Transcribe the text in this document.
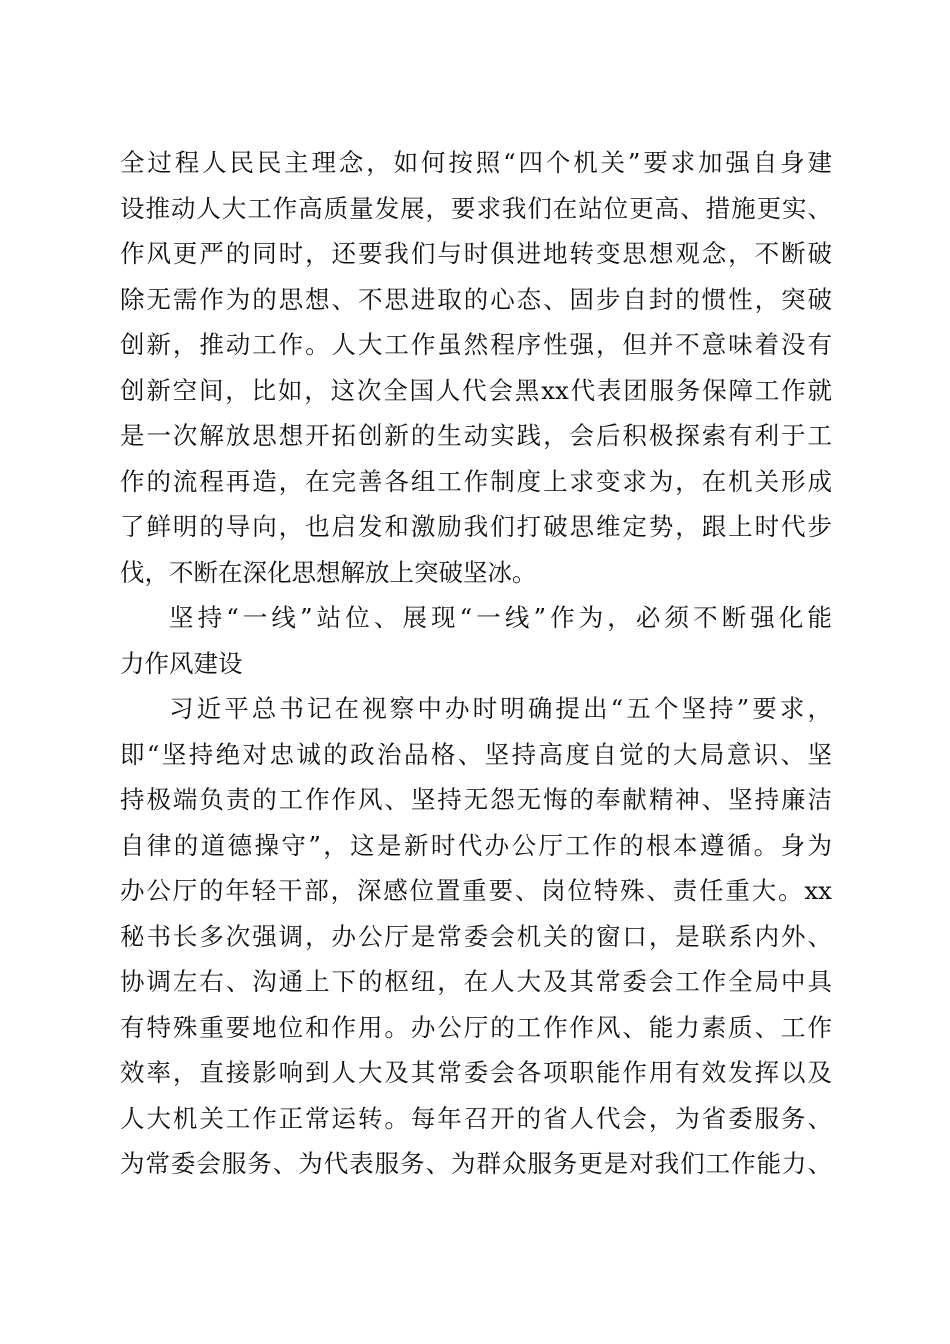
全过程人民民主理念，如何按照“四个机关”要求加强自身建
设推动人大工作高质量发展，要求我们在站位更高、措施更实、
作风更严的同时，还要我们与时俱进地转变思想观念，不断破
除无需作为的思想、不思进取的心态、固步自封的惯性，突破
创新，推动工作。人大工作虽然程序性强，但并不意味着没有
创新空间，比如，这次全国人代会黑xx代表团服务保障工作就
是一次解放思想开拓创新的生动实践，会后积极探索有利于工
作的流程再造，在完善各组工作制度上求变求为，在机关形成
了鲜明的导向，也启发和激励我们打破思维定势，跟上时代步
伐，不断在深化思想解放上突破坚冰。
坚持“一线”站位、展现“一线”作为，必须不断强化能
力作风建设
习近平总书记在视察中办时明确提出“五个坚持”要求，
即“坚持绝对忠诚的政治品格、坚持高度自觉的大局意识、坚
持极端负责的工作作风、坚持无怨无悔的奉献精神、坚持廉洁
自律的道德操守”，这是新时代办公厅工作的根本遵循。身为
办公厅的年轻干部，深感位置重要、岗位特殊、责任重大。xx
秘书长多次强调，办公厅是常委会机关的窗口，是联系内外、
协调左右、沟通上下的枢纽，在人大及其常委会工作全局中具
有特殊重要地位和作用。办公厅的工作作风、能力素质、工作
效率，直接影响到人大及其常委会各项职能作用有效发挥以及
人大机关工作正常运转。每年召开的省人代会，为省委服务、
为常委会服务、为代表服务、为群众服务更是对我们工作能力、
